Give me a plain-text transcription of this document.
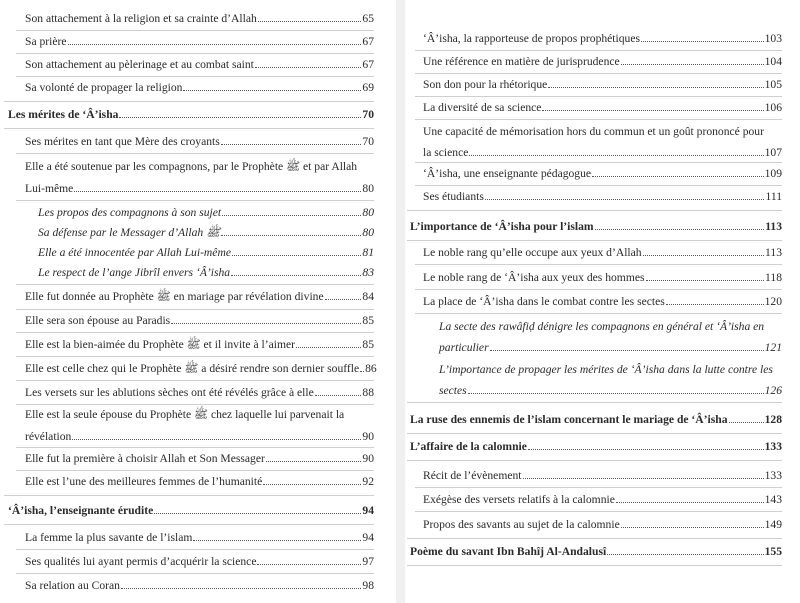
Son attachement à la religion et sa crainte d’Allah	65
Sa prière	67
Son attachement au pèlerinage et au combat saint	67
Sa volonté de propager la religion	69
Les mérites de ‘Â’isha	70
Ses mérites en tant que Mère des croyants	70
Elle a été soutenue par les compagnons, par le Prophète ﷺ et par Allah
Lui-même	80
Les propos des compagnons à son sujet	80
Sa défense par le Messager d’Allah ﷺ	80
Elle a été innocentée par Allah Lui-même	81
Le respect de l’ange Jibrîl envers ‘Â’isha	83
Elle fut donnée au Prophète ﷺ en mariage par révélation divine	84
Elle sera son épouse au Paradis	85
Elle est la bien-aimée du Prophète ﷺ et il invite à l’aimer	85
Elle est celle chez qui le Prophète ﷺ a désiré rendre son dernier souffle 86
Les versets sur les ablutions sèches ont été révélés grâce à elle	88
Elle est la seule épouse du Prophète ﷺ chez laquelle lui parvenait la
révélation	90
Elle fut la première à choisir Allah et Son Messager	90
Elle est l’une des meilleures femmes de l’humanité	92
‘Â’isha, l’enseignante érudite	94
La femme la plus savante de l’islam	94
Ses qualités lui ayant permis d’acquérir la science	97
Sa relation au Coran	98
‘Â’isha, la rapporteuse de propos prophétiques	103
Une référence en matière de jurisprudence	104
Son don pour la rhétorique	105
La diversité de sa science	106
Une capacité de mémorisation hors du commun et un goût prononcé pour
la science	107
‘Â’isha, une enseignante pédagogue	109
Ses étudiants	111
L’importance de ‘Â’isha pour l’islam	113
Le noble rang qu’elle occupe aux yeux d’Allah	113
Le noble rang de ‘Â’isha aux yeux des hommes	118
La place de ‘Â’isha dans le combat contre les sectes	120
La secte des rawâfiḍ dénigre les compagnons en général et ‘Â’isha en
particulier	121
L’importance de propager les mérites de ‘Â’isha dans la lutte contre les
sectes	126
La ruse des ennemis de l’islam concernant le mariage de ‘Â’isha	128
L’affaire de la calomnie	133
Récit de l’évènement	133
Exégèse des versets relatifs à la calomnie	143
Propos des savants au sujet de la calomnie	149
Poème du savant Ibn Bahîj Al-Andalusî	155
